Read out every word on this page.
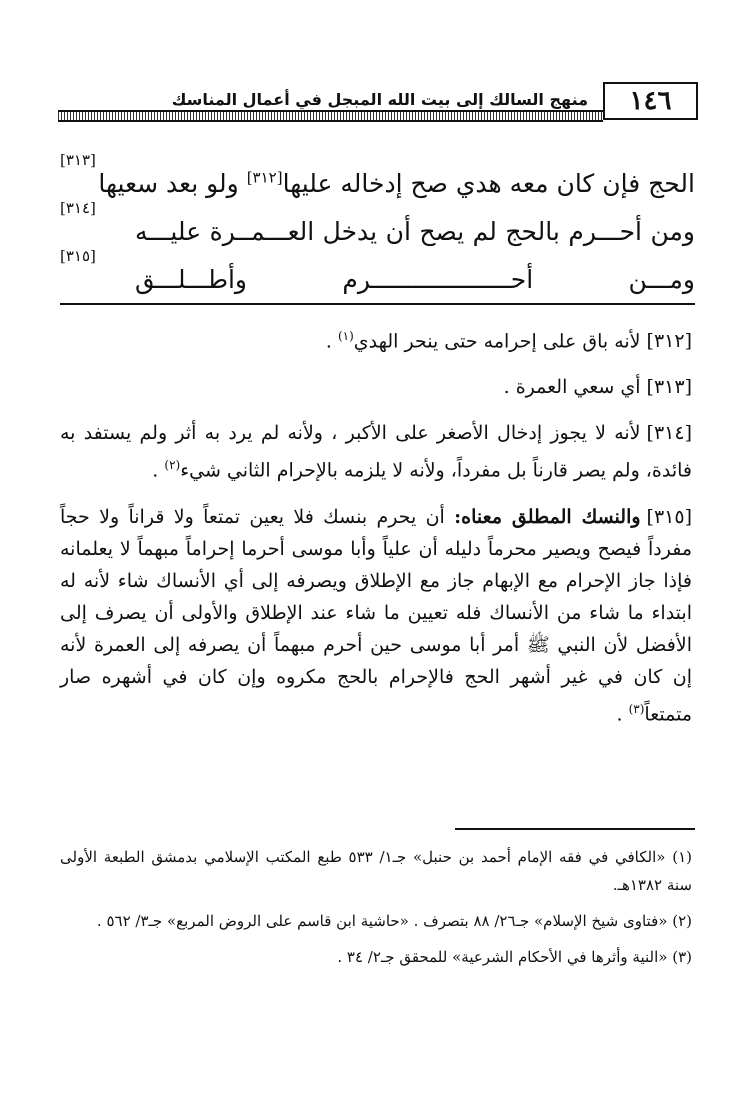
منهج السالك إلى بيت الله المبجل في أعمال المناسك	١٤٦
الحج فإن كان معه هدي صح إدخاله عليها[٣١٢] ولو بعد سعيها
[٣١٣]
ومن أحـــرم بالحج لم يصح أن يدخل العـــمــرة عليـــه
[٣١٤]
ومـــن أحـــــــــــــــــــرم وأطـــلـــق
[٣١٥]

[٣١٢]لأنه باق على إحرامه حتى ينحر الهدي$^{(١)}$ .

[٣١٣]أي سعي العمرة .

[٣١٤]لأنه لا يجوز إدخال الأصغر على الأكبر ، ولأنه لم يرد به أثر ولم يستفد به فائدة، ولم يصر قارناً بل مفرداً، ولأنه لا يلزمه بالإحرام الثاني شيء$^{(٢)}$ .

[٣١٥]والنسك المطلق معناه: أن يحرم بنسك فلا يعين تمتعاً ولا قراناً ولا حجاً مفرداً فيصح ويصير محرماً دليله أن علياً وأبا موسى أحرما إحراماً مبهماً لا يعلمانه فإذا جاز الإحرام مع الإبهام جاز مع الإطلاق ويصرفه إلى أي الأنساك شاء لأنه له ابتداء ما شاء من الأنساك فله تعيين ما شاء عند الإطلاق والأولى أن يصرف إلى الأفضل لأن النبي ﷺ أمر أبا موسى حين أحرم مبهماً أن يصرفه إلى العمرة لأنه إن كان في غير أشهر الحج فالإحرام بالحج مكروه وإن كان في أشهره صار متمتعاً$^{(٣)}$ .

(١) «الكافي في فقه الإمام أحمد بن حنبل» جـ١/ ٥٣٣ طبع المكتب الإسلامي بدمشق الطبعة الأولى سنة ١٣٨٢هـ.

(٢) «فتاوى شيخ الإسلام» جـ٢٦/ ٨٨ بتصرف . «حاشية ابن قاسم على الروض المربع» جـ٣/ ٥٦٢ .

(٣) «النية وأثرها في الأحكام الشرعية» للمحقق جـ٢/ ٣٤ .
